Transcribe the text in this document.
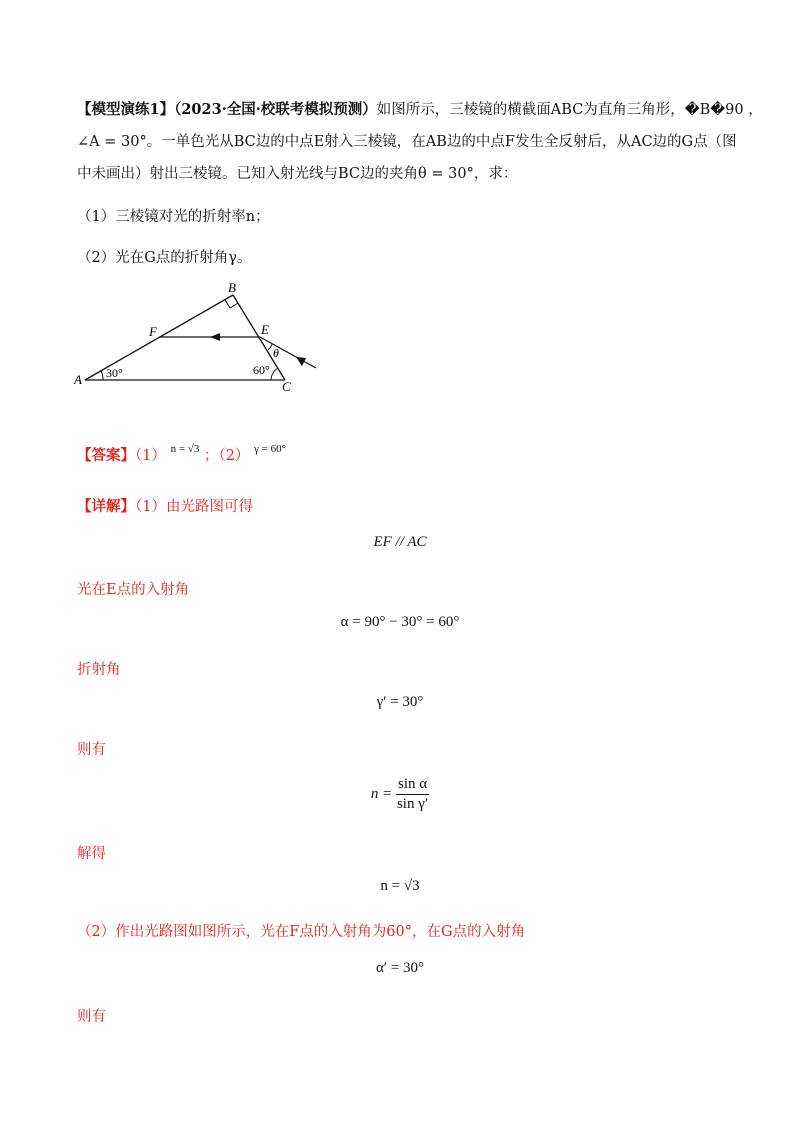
【模型演练1】（2023·全国·校联考模拟预测）如图所示，三棱镜的横截面ABC为直角三角形，�B�90 ，
∠A = 30°。一单色光从BC边的中点E射入三棱镜，在AB边的中点F发生全反射后，从AC边的G点（图
中未画出）射出三棱镜。已知入射光线与BC边的夹角θ = 30°，求：
（1）三棱镜对光的折射率n；
（2）光在G点的折射角γ。
A
B
C
E
F
30°	60°
θ
【答案】（1） $^{n = √3}$ ；（2） $^{\gamma = 60^\circ}$
【详解】（1）由光路图可得
EF // AC
光在E点的入射角
α = 90° − 30° = 60°
折射角
γ′ = 30°
则有
$n = \frac{\text{sin α}}{\text{sin γ′}}$
解得
n = √3
（2）作出光路图如图所示，光在F点的入射角为60°，在G点的入射角
α′ = 30°
则有
